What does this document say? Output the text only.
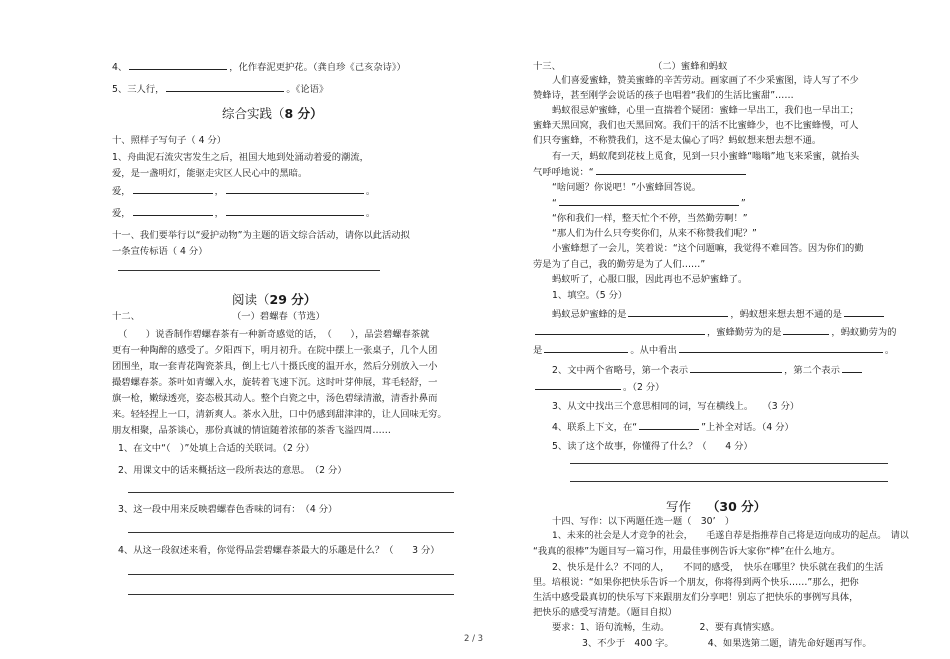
4、	，化作春泥更护花。（龚自珍《己亥杂诗》）
5、三人行，	。《论语》
综合实践（8 分）
十、照样子写句子（ 4 分）
1、舟曲泥石流灾害发生之后，祖国大地到处涌动着爱的潮流，
爱，是一盏明灯，能驱走灾区人民心中的黑暗。
爱，	，	。
爱，	，	。
十一、我们要举行以“爱护动物”为主题的语文综合活动，请你以此活动拟
一条宣传标语（ 4 分）
阅读（29 分）
十二、	（一）碧螺春（节选）
（　　）说香制作碧螺春茶有一种新奇感觉的话，　（　　），品尝碧螺春茶就
更有一种陶醉的感受了。夕阳西下，明月初升。在院中摆上一张桌子，几个人团
团围坐，取一套青花陶瓷茶具，倒上七八十摄氏度的温开水，然后分别放入一小
撮碧螺春茶。茶叶如青螺入水，旋转着飞速下沉。这时叶芽伸展，茸毛轻舒，一
旗一枪，嫩绿透亮，姿态极其动人。整个白瓷之中，汤色碧绿清澈，清香扑鼻而
来。轻轻捏上一口，清新爽人。茶水入肚，口中仍感到甜津津的，让人回味无穷。
朋友相聚，品茶谈心，那份真诚的情谊随着浓郁的茶香飞溢四周……
1、在文中“（　）”处填上合适的关联词。（2 分）
2、用课文中的话来概括这一段所表达的意思。　（2 分）
3、这一段中用来反映碧螺春色香味的词有：　（4 分）
4、从这一段叙述来看，你觉得品尝碧螺春茶最大的乐趣是什么？（　　3 分）
十三、	（二）蜜蜂和蚂蚁
人们喜爱蜜蜂，赞美蜜蜂的辛苦劳动。画家画了不少采蜜图，诗人写了不少
赞蜂诗，甚至刚学会说话的孩子也唱着“我们的生活比蜜甜”……
蚂蚁很忌妒蜜蜂，心里一直揣着个疑团：蜜蜂一早出工，我们也一早出工；
蜜蜂天黑回窝，我们也天黑回窝。我们干的活不比蜜蜂少，也不比蜜蜂慢，可人
们只夸蜜蜂，不称赞我们，这不是太偏心了吗？蚂蚁想来想去想不通。
有一天，蚂蚁爬到花枝上觅食，见到一只小蜜蜂“嗡嗡”地飞来采蜜，就抬头
气呼呼地说：“
“啥问题？你说吧！”小蜜蜂回答说。
“	”
“你和我们一样，整天忙个不停，当然勤劳啊！”
“那人们为什么只夸奖你们，从来不称赞我们呢？”
小蜜蜂想了一会儿，笑着说：“这个问题嘛，我觉得不难回答。因为你们的勤
劳是为了自己，我的勤劳是为了人们……”
蚂蚁听了，心服口服，因此再也不忌妒蜜蜂了。
1、填空。（5 分）
蚂蚁忌妒蜜蜂的是	，蚂蚁想来想去想不通的是
，蜜蜂勤劳为的是	，蚂蚁勤劳为的
是	。从中看出	。
2、文中两个省略号，第一个表示	，第二个表示
。（2 分）
3、从文中找出三个意思相同的词，写在横线上。　　（3 分）
4、联系上下文，在“	”上补全对话。（4 分）
5、读了这个故事，你懂得了什么？（　　4 分）
写作 （30 分）
十四、写作：以下两题任选一题（　30’　）
1、未来的社会是人才竞争的社会，　　毛遂自荐是指推荐自己将是迈向成功的起点。　请以
“我真的很棒”为题目写一篇习作，用最佳事例告诉大家你“棒”在什么地方。
2、快乐是什么？不同的人，　　不同的感受，　快乐在哪里？快乐就在我们的生活
里。培根说：“如果你把快乐告诉一个朋友，你将得到两个快乐……”那么，把你
生活中感受最真切的快乐写下来跟朋友们分享吧！别忘了把快乐的事例写具体，
把快乐的感受写清楚。（题目自拟）
要求：1、语句流畅，生动。	2、要有真情实感。
3、不少于　400 字。	4、如果选第二题，请先命好题再写作。
2 / 3
